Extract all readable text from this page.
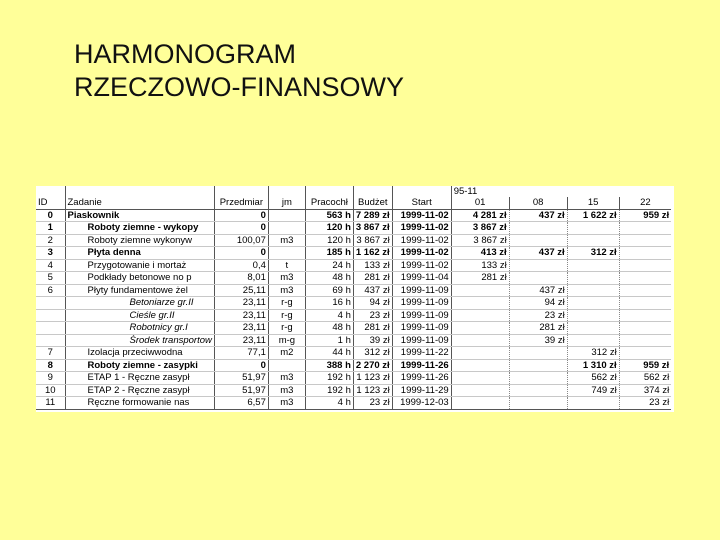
HARMONOGRAM
RZECZOWO-FINANSOWY
							95-11			
ID	Zadanie	Przedmiar	jm	Pracochł	Budżet	Start	01	08	15	22
0	Piaskownik	0		563 h	7 289 zł	1999-11-02	4 281 zł	437 zł	1 622 zł	959 zł
1	Roboty ziemne - wykopy	0		120 h	3 867 zł	1999-11-02	3 867 zł			
2	Roboty ziemne wykonyw	100,07	m3	120 h	3 867 zł	1999-11-02	3 867 zł			
3	Płyta denna	0		185 h	1 162 zł	1999-11-02	413 zł	437 zł	312 zł	
4	Przygotowanie i mortaż	0,4	t	24 h	133 zł	1999-11-02	133 zł			
5	Podkłady betonowe no p	8,01	m3	48 h	281 zł	1999-11-04	281 zł			
6	Płyty fundamentowe żel	25,11	m3	69 h	437 zł	1999-11-09		437 zł		
	Betoniarze gr.II	23,11	r-g	16 h	94 zł	1999-11-09		94 zł		
	Cieśle gr.II	23,11	r-g	4 h	23 zł	1999-11-09		23 zł		
	Robotnicy gr.I	23,11	r-g	48 h	281 zł	1999-11-09		281 zł		
	Środek transportow	23,11	m-g	1 h	39 zł	1999-11-09		39 zł		
7	Izolacja przeciwwodna	77,1	m2	44 h	312 zł	1999-11-22			312 zł	
8	Roboty ziemne - zasypki	0		388 h	2 270 zł	1999-11-26			1 310 zł	959 zł
9	ETAP 1 - Ręczne zasypł	51,97	m3	192 h	1 123 zł	1999-11-26			562 zł	562 zł
10	ETAP 2 - Ręczne zasypł	51,97	m3	192 h	1 123 zł	1999-11-29			749 zł	374 zł
11	Ręczne formowanie nas	6,57	m3	4 h	23 zł	1999-12-03				23 zł
